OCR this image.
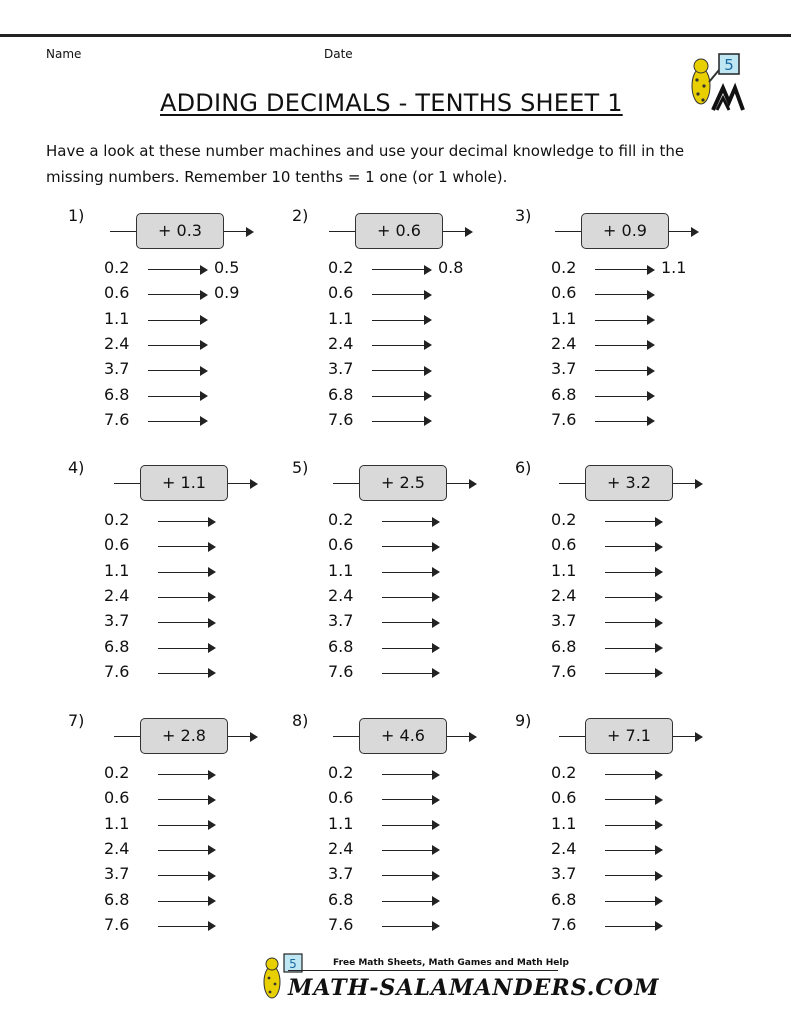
Name	Date
5
ADDING DECIMALS - TENTHS SHEET 1

Have a look at these number machines and use your decimal knowledge to fill in the missing numbers. Remember 10 tenths = 1 one (or 1 whole).

1)
+ 0.3
0.2	0.5
0.6	0.9
1.1
2.4
3.7
6.8
7.6
2)
+ 0.6
0.2	0.8
0.6
1.1
2.4
3.7
6.8
7.6
3)
+ 0.9
0.2	1.1
0.6
1.1
2.4
3.7
6.8
7.6
4)
+ 1.1
0.2
0.6
1.1
2.4
3.7
6.8
7.6
5)
+ 2.5
0.2
0.6
1.1
2.4
3.7
6.8
7.6
6)
+ 3.2
0.2
0.6
1.1
2.4
3.7
6.8
7.6
7)
+ 2.8
0.2
0.6
1.1
2.4
3.7
6.8
7.6
8)
+ 4.6
0.2
0.6
1.1
2.4
3.7
6.8
7.6
9)
+ 7.1
0.2
0.6
1.1
2.4
3.7
6.8
7.6
5	Free Math Sheets, Math Games and Math Help
MATH-SALAMANDERS.COM
